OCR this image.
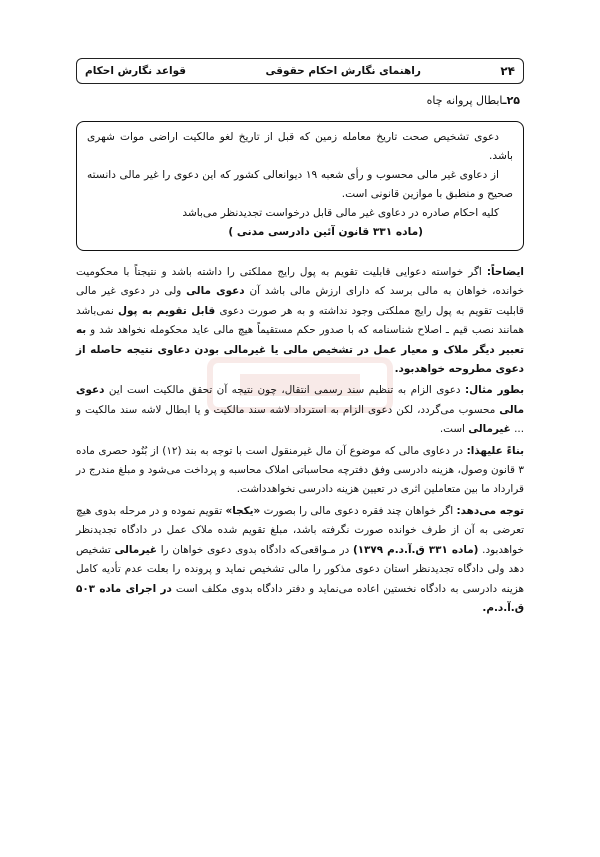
۲۴
راهنمای نگارش احکام حقوقی
قواعد نگارش احکام
۲۵ـابطال پروانه چاه

دعوی تشخیص صحت تاریخ معامله زمین که قبل از تاریخ لغو مالکیت اراضی موات شهری باشد.

از دعاوی غیر مالی محسوب و رأی شعبه ۱۹ دیوانعالی کشور که این دعوی را غیر مالی دانسته صحیح و منطبق با موازین قانونی است.

کلیه احکام صادره در دعاوی غیر مالی قابل درخواست تجدیدنظر می‌باشد

(ماده ۳۳۱ قانون آئین دادرسی مدنی )

ایضاحاً: اگر خواسته دعوایی قابلیت تقویم به پول رایج مملکتی را داشته باشد و نتیجتاً با محکومیت خوانده، خواهان به مالی برسد که دارای ارزش مالی باشد آن دعوی مالی ولی در دعوی غیر مالی قابلیت تقویم به پول رایج مملکتی وجود نداشته و به هر صورت دعوی قابل تقویم به پول نمی‌باشد همانند نصب قیم ـ اصلاح شناسنامه که با صدور حکم مستقیماً هیچ مالی عاید محکومله نخواهد شد و به تعبیر دیگر ملاک و معیار عمل در تشخیص مالی یا غیرمالی بودن دعاوی نتیجه حاصله از دعوی مطروحه خواهد‌بود.

بطور مثال: دعوی الزام به تنظیم سند رسمی انتقال، چون نتیجه آن تحقق مالکیت است این دعوی مالی محسوب می‌گردد، لکن دعوی الزام به استرداد لاشه سند مالکیت و یا ابطال لاشه سند مالکیت و ... غیرمالی است.

بناءً علیهذا: در دعاوی مالی که موضوع آن مال غیرمنقول است با توجه به بند (۱۲) از بُنُود حصری ماده ۳ قانون وصول، هزینه دادرسی وفق دفترچه محاسباتی املاک محاسبه و پرداخت می‌شود و مبلغ مندرج در قرارداد ما بین متعاملین اثری در تعیین هزینه دادرسی نخواهدداشت.

توجه می‌دهد: اگر خواهان چند فقره دعوی مالی را بصورت «یکجا» تقویم نموده و در مرحله بدوی هیچ تعرضی به آن از طرف خوانده صورت نگرفته باشد، مبلغ تقویم شده ملاک عمل در دادگاه تجدیدنظر خواهدبود. (ماده ۳۳۱ ق.آ.د.م ۱۳۷۹) در مـواقعی‌که دادگاه بدوی دعوی خواهان را غیرمالی تشخیص دهد ولی دادگاه تجدیدنظر استان دعوی مذکور را مالی تشخیص نماید و پرونده را بعلت عدم تأدیه کامل هزینه دادرسی به دادگاه نخستین اعاده می‌نماید و دفتر دادگاه بدوی مکلف است در اجرای ماده ۵۰۳ ق.آ.د.م.
